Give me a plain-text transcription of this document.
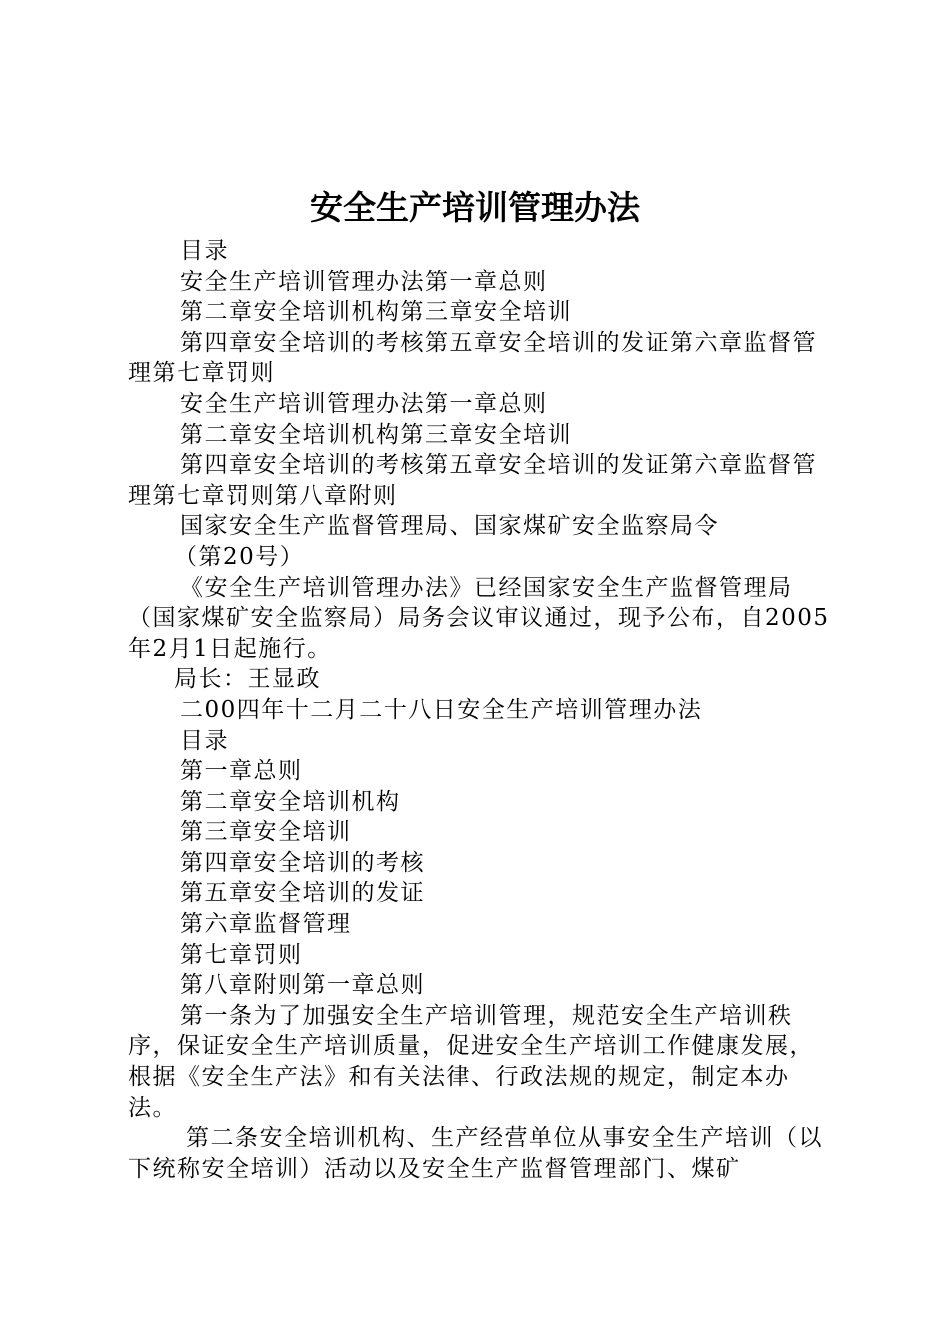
安全生产培训管理办法

目录

安全生产培训管理办法第一章总则

第二章安全培训机构第三章安全培训

第四章安全培训的考核第五章安全培训的发证第六章监督管理第七章罚则

安全生产培训管理办法第一章总则

第二章安全培训机构第三章安全培训

第四章安全培训的考核第五章安全培训的发证第六章监督管理第七章罚则第八章附则

国家安全生产监督管理局、国家煤矿安全监察局令

（第20号）

《安全生产培训管理办法》已经国家安全生产监督管理局（国家煤矿安全监察局）局务会议审议通过，现予公布，自2005年2月1日起施行。

局长：王显政

二00四年十二月二十八日安全生产培训管理办法

目录

第一章总则

第二章安全培训机构

第三章安全培训

第四章安全培训的考核

第五章安全培训的发证

第六章监督管理

第七章罚则

第八章附则第一章总则

第一条为了加强安全生产培训管理，规范安全生产培训秩序，保证安全生产培训质量，促进安全生产培训工作健康发展，根据《安全生产法》和有关法律、行政法规的规定，制定本办法。

第二条安全培训机构、生产经营单位从事安全生产培训（以下统称安全培训）活动以及安全生产监督管理部门、煤矿
